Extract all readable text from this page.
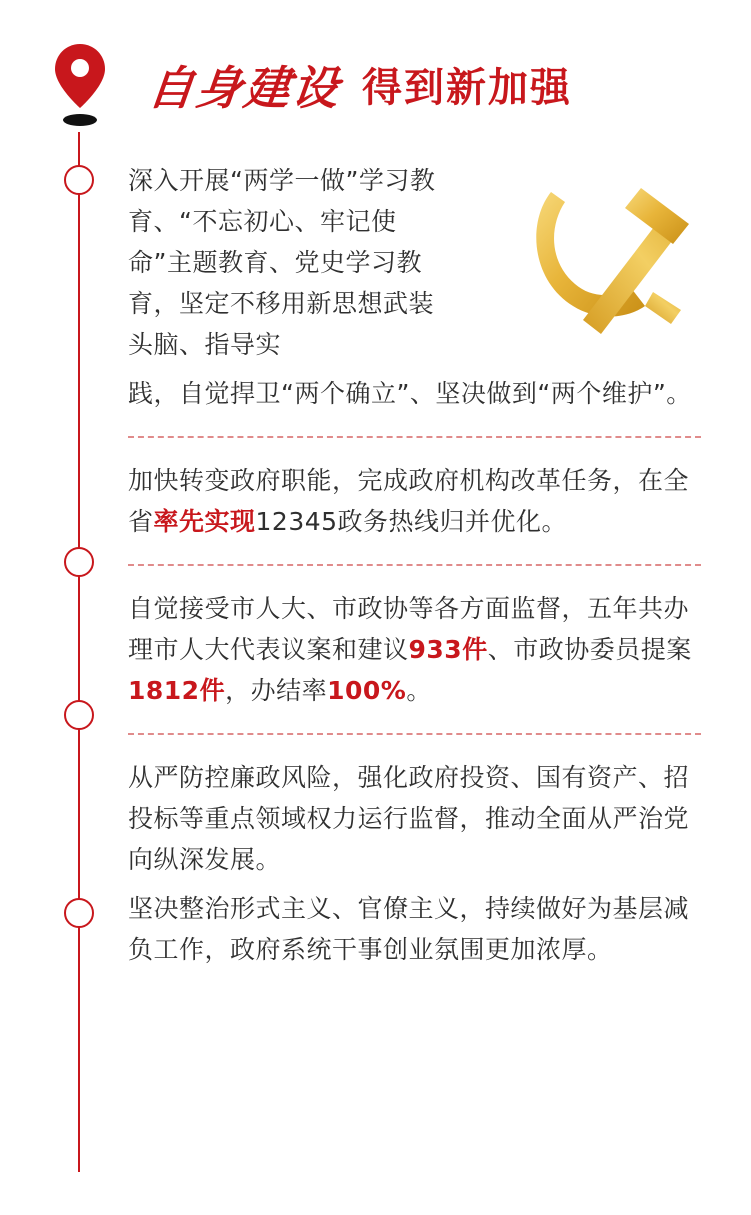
自身建设 得到新加强

深入开展“两学一做”学习教育、“不忘初心、牢记使命”主题教育、党史学习教育，坚定不移用新思想武装头脑、指导实

践，自觉捍卫“两个确立”、坚决做到“两个维护”。

加快转变政府职能，完成政府机构改革任务，在全省率先实现12345政务热线归并优化。

自觉接受市人大、市政协等各方面监督，五年共办理市人大代表议案和建议933件、市政协委员提案1812件，办结率100%。

从严防控廉政风险，强化政府投资、国有资产、招投标等重点领域权力运行监督，推动全面从严治党向纵深发展。

坚决整治形式主义、官僚主义，持续做好为基层减负工作，政府系统干事创业氛围更加浓厚。
